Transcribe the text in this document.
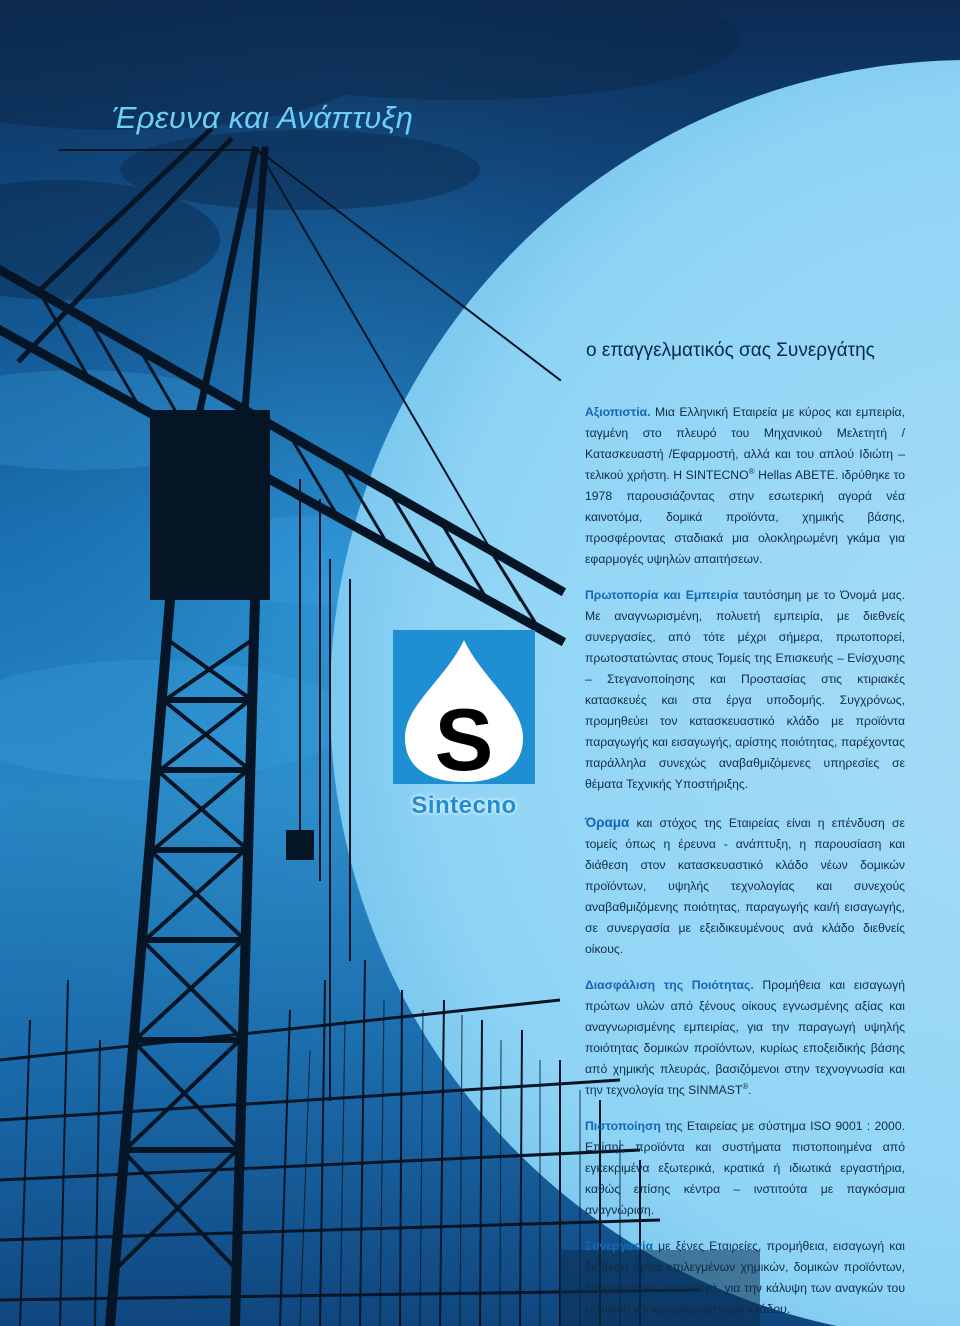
Έρευνα και Ανάπτυξη
ο επαγγελματικός σας Συνεργάτης
S
Sintecno

Αξιοπιστία. Μια Ελληνική Εταιρεία με κύρος και εμπειρία, ταγμένη στο πλευρό του Μηχανικού Μελετητή / Κατασκευαστή /Εφαρμοστή, αλλά και του απλού Ιδιώτη – τελικού χρήστη. Η SINTECNO® Hellas ABETE. ιδρύθηκε το 1978 παρουσιάζοντας στην εσωτερική αγορά νέα καινοτόμα, δομικά προϊόντα, χημικής βάσης, προσφέροντας σταδιακά μια ολοκληρωμένη γκάμα για εφαρμογές υψηλών απαιτήσεων.

Πρωτοπορία και Εμπειρία ταυτόσημη με το Όνομά μας. Με αναγνωρισμένη, πολυετή εμπειρία, με διεθνείς συνεργασίες, από τότε μέχρι σήμερα, πρωτοπορεί, πρωτοστατώντας στους Τομείς της Επισκευής – Ενίσχυσης – Στεγανοποίησης και Προστασίας στις κτιριακές κατασκευές και στα έργα υποδομής. Συγχρόνως, προμηθεύει τον κατασκευαστικό κλάδο με προϊόντα παραγωγής και εισαγωγής, αρίστης ποιότητας, παρέχοντας παράλληλα συνεχώς αναβαθμιζόμενες υπηρεσίες σε θέματα Τεχνικής Υποστήριξης.

Όραμα και στόχος της Εταιρείας είναι η επένδυση σε τομείς όπως η έρευνα - ανάπτυξη, η παρουσίαση και διάθεση στον κατασκευαστικό κλάδο νέων δομικών προϊόντων, υψηλής τεχνολογίας και συνεχούς αναβαθμιζόμενης ποιότητας, παραγωγής και/ή εισαγωγής, σε συνεργασία με εξειδικευμένους ανά κλάδο διεθνείς οίκους.

Διασφάλιση της Ποιότητας. Προμήθεια και εισαγωγή πρώτων υλών από ξένους οίκους εγνωσμένης αξίας και αναγνωρισμένης εμπειρίας, για την παραγωγή υψηλής ποιότητας δομικών προϊόντων, κυρίως εποξειδικής βάσης από χημικής πλευράς, βασιζόμενοι στην τεχνογνωσία και την τεχνολογία της SINMAST®.

Πιστοποίηση της Εταιρείας με σύστημα ISO 9001 : 2000. Επίσης προϊόντα και συστήματα πιστοποιημένα από εγκεκριμένα εξωτερικά, κρατικά ή ιδιωτικά εργαστήρια, καθώς επίσης κέντρα – ινστιτούτα με παγκόσμια αναγνώριση.

Συνεργασία με ξένες Εταιρείες, προμήθεια, εισαγωγή και διάθεση άρτια επιλεγμένων χημικών, δομικών προϊόντων, έτοιμων προς εφαρμογή, για την κάλυψη των αναγκών του τεχνικού και κατασκευαστικού κλάδου.
